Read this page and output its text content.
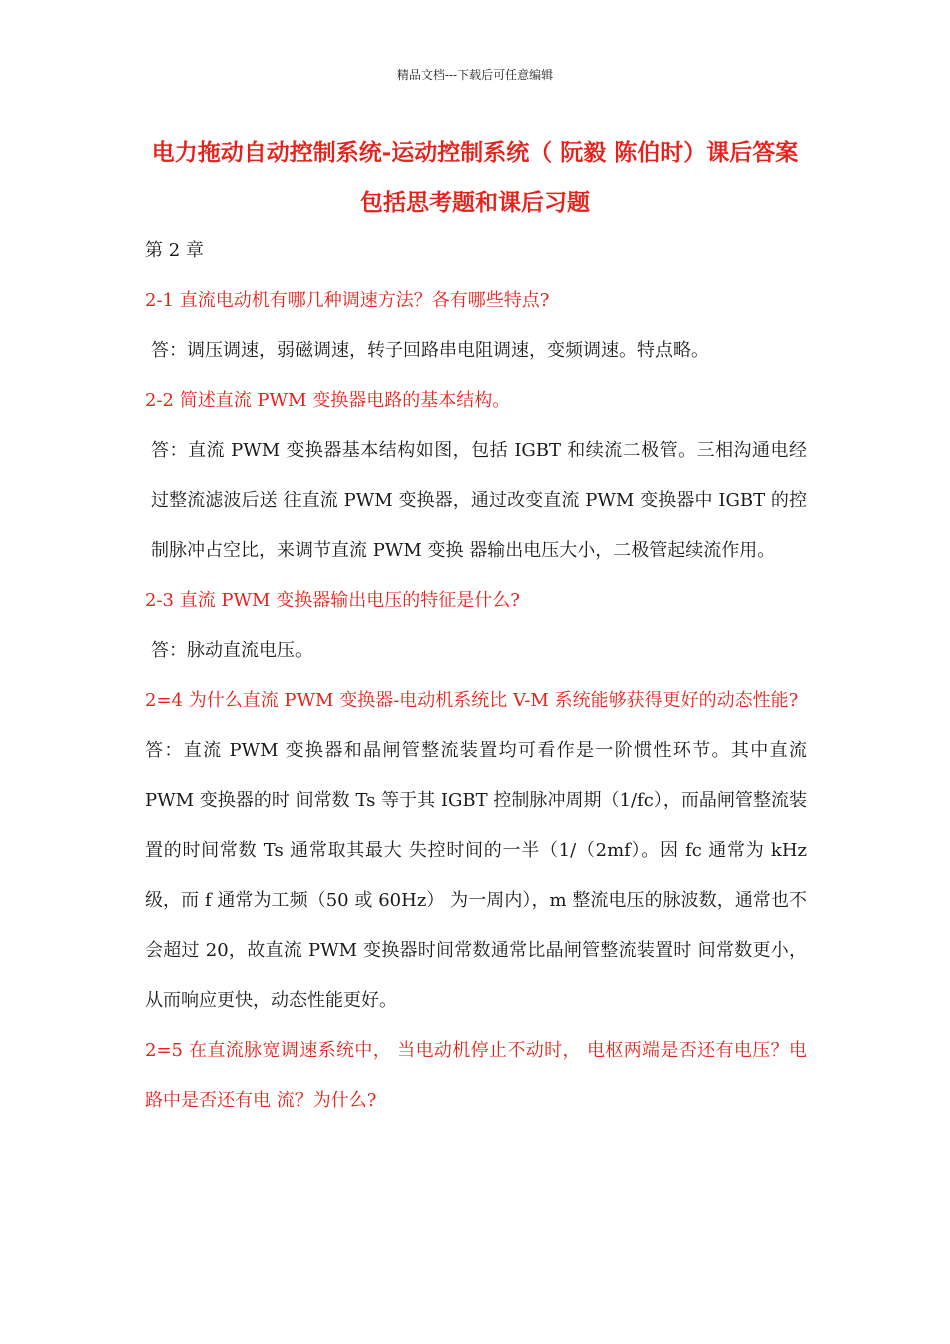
精品文档---下载后可任意编辑
电力拖动自动控制系统-运动控制系统（ 阮毅 陈伯时）课后答案包括思考题和课后习题

第 2 章

2-1 直流电动机有哪几种调速方法？各有哪些特点?

答：调压调速，弱磁调速，转子回路串电阻调速，变频调速。特点略。

2-2 简述直流 PWM 变换器电路的基本结构。

答：直流 PWM 变换器基本结构如图，包括 IGBT 和续流二极管。三相沟通电经过整流滤波后送 往直流 PWM 变换器，通过改变直流 PWM 变换器中 IGBT 的控制脉冲占空比，来调节直流 PWM 变换 器输出电压大小，二极管起续流作用。

2-3 直流 PWM 变换器输出电压的特征是什么?

答：脉动直流电压。

2=4 为什么直流 PWM 变换器-电动机系统比 V-M 系统能够获得更好的动态性能?

答：直流 PWM 变换器和晶闸管整流装置均可看作是一阶惯性环节。其中直流 PWM 变换器的时 间常数 Ts 等于其 IGBT 控制脉冲周期（1/fc），而晶闸管整流装置的时间常数 Ts 通常取其最大 失控时间的一半（1/（2mf）。因 fc 通常为 kHz 级，而 f 通常为工频（50 或 60Hz） 为一周内），m 整流电压的脉波数，通常也不会超过 20，故直流 PWM 变换器时间常数通常比晶闸管整流装置时 间常数更小，从而响应更快，动态性能更好。

2=5 在直流脉宽调速系统中， 当电动机停止不动时， 电枢两端是否还有电压？电路中是否还有电 流？为什么?
